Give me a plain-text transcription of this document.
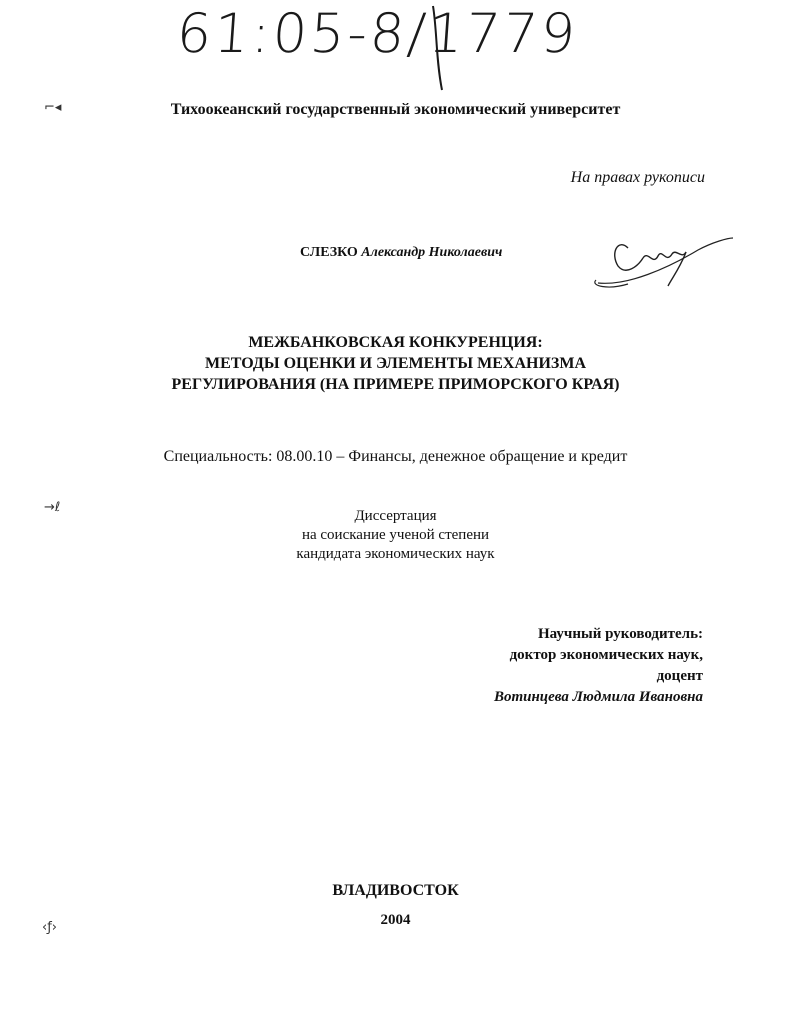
61:05-8/1779
⌐◂
→ℓ
‹ƒ›
Тихоокеанский государственный экономический университет
На правах рукописи
СЛЕЗКО Александр Николаевич
МЕЖБАНКОВСКАЯ КОНКУРЕНЦИЯ:
МЕТОДЫ ОЦЕНКИ И ЭЛЕМЕНТЫ МЕХАНИЗМА
РЕГУЛИРОВАНИЯ (НА ПРИМЕРЕ ПРИМОРСКОГО КРАЯ)
Специальность: 08.00.10 – Финансы, денежное обращение и кредит
Диссертация
на соискание ученой степени
кандидата экономических наук
Научный руководитель:
доктор экономических наук,
доцент
Вотинцева Людмила Ивановна
ВЛАДИВОСТОК
2004
